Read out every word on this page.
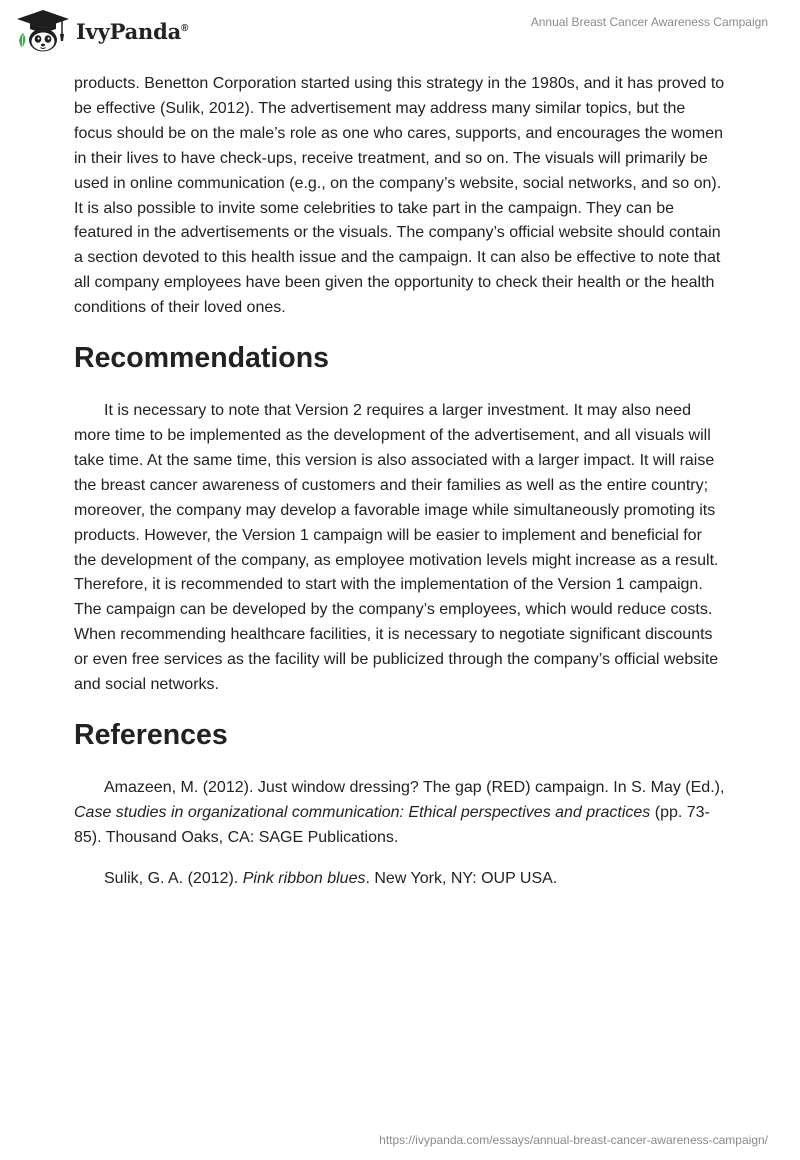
IvyPanda®	Annual Breast Cancer Awareness Campaign

products. Benetton Corporation started using this strategy in the 1980s, and it has proved to be effective (Sulik, 2012). The advertisement may address many similar topics, but the focus should be on the male’s role as one who cares, supports, and encourages the women in their lives to have check-ups, receive treatment, and so on. The visuals will primarily be used in online communication (e.g., on the company’s website, social networks, and so on). It is also possible to invite some celebrities to take part in the campaign. They can be featured in the advertisements or the visuals. The company’s official website should contain a section devoted to this health issue and the campaign. It can also be effective to note that all company employees have been given the opportunity to check their health or the health conditions of their loved ones.

Recommendations

It is necessary to note that Version 2 requires a larger investment. It may also need more time to be implemented as the development of the advertisement, and all visuals will take time. At the same time, this version is also associated with a larger impact. It will raise the breast cancer awareness of customers and their families as well as the entire country; moreover, the company may develop a favorable image while simultaneously promoting its products. However, the Version 1 campaign will be easier to implement and beneficial for the development of the company, as employee motivation levels might increase as a result. Therefore, it is recommended to start with the implementation of the Version 1 campaign. The campaign can be developed by the company’s employees, which would reduce costs. When recommending healthcare facilities, it is necessary to negotiate significant discounts or even free services as the facility will be publicized through the company’s official website and social networks.

References

Amazeen, M. (2012). Just window dressing? The gap (RED) campaign. In S. May (Ed.), Case studies in organizational communication: Ethical perspectives and practices (pp. 73-85). Thousand Oaks, CA: SAGE Publications.

Sulik, G. A. (2012). Pink ribbon blues. New York, NY: OUP USA.

https://ivypanda.com/essays/annual-breast-cancer-awareness-campaign/
